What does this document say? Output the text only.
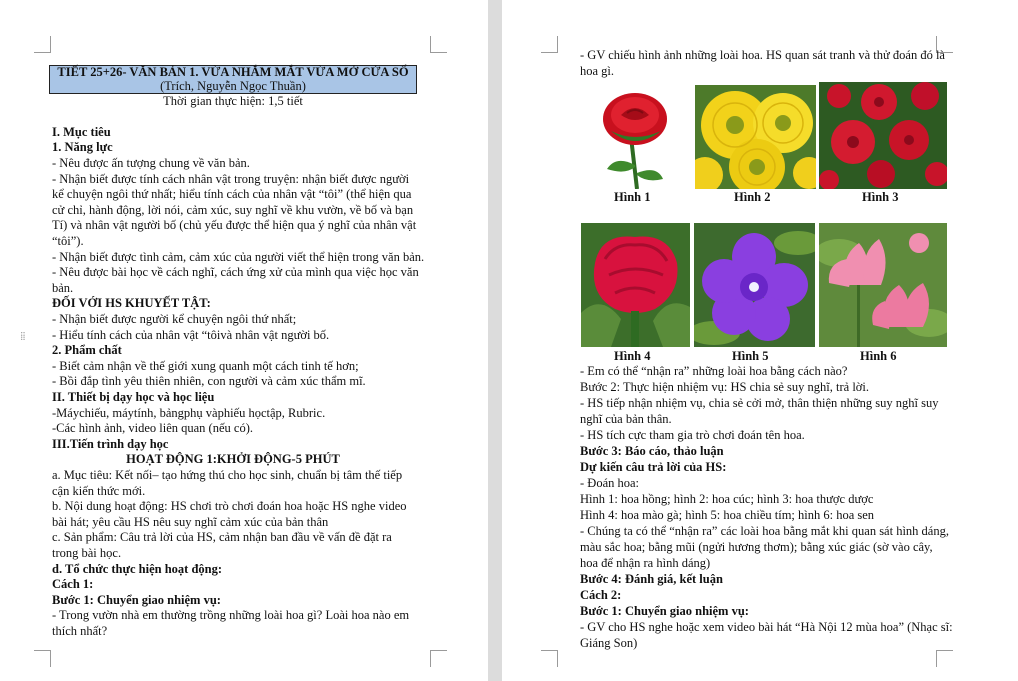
TIẾT 25+26- VĂN BẢN 1. VỪA NHẮM MẮT VỪA MỞ CỬA SỔ
(Trích, Nguyễn Ngọc Thuần)
Thời gian thực hiện: 1,5 tiết
⁞⁞
I. Mục tiêu
1. Năng lực
- Nêu được ấn tượng chung về văn bản.
- Nhận biết được tính cách nhân vật trong truyện: nhận biết được người
kể chuyện ngôi thứ nhất; hiểu tính cách của nhân vật “tôi” (thể hiện qua
cử chỉ, hành động, lời nói, cảm xúc, suy nghĩ về khu vườn, về bố và bạn
Tí) và nhân vật người bố (chủ yếu được thể hiện qua ý nghĩ của nhân vật
“tôi”).
- Nhận biết được tình cảm, cảm xúc của người viết thể hiện trong văn bản.
- Nêu được bài học về cách nghĩ, cách ứng xử của mình qua việc học văn
bản.
ĐỐI VỚI HS KHUYẾT TẬT:
- Nhận biết được người kể chuyện ngôi thứ nhất;
- Hiểu tính cách của nhân vật “tôivà nhân vật người bố.
2. Phẩm chất
- Biết cảm nhận về thế giới xung quanh một cách tinh tế hơn;
- Bồi đắp tình yêu thiên nhiên, con người và cảm xúc thẩm mĩ.
II. Thiết bị dạy học và học liệu
-Máychiếu, máytính, bảngphụ vàphiếu họctập, Rubric.
-Các hình ảnh, video liên quan (nếu có).
III.Tiến trình dạy học
HOẠT ĐỘNG 1:KHỞI ĐỘNG-5 PHÚT
a. Mục tiêu: Kết nối– tạo hứng thú cho học sinh, chuẩn bị tâm thế tiếp
cận kiến thức mới.
b. Nội dung hoạt động: HS chơi trò chơi đoán hoa hoặc HS nghe video
bài hát; yêu cầu HS nêu suy nghĩ cảm xúc của bản thân
c. Sản phẩm: Câu trả lời của HS, cảm nhận ban đầu về vấn đề đặt ra
trong bài học.
d. Tổ chức thực hiện hoạt động:
Cách 1:
Bước 1: Chuyển giao nhiệm vụ:
- Trong vườn nhà em thường trồng những loài hoa gì? Loài hoa nào em
thích nhất?
- GV chiếu hình ảnh những loài hoa. HS quan sát tranh và thử đoán đó là
hoa gì.
Hình 1	Hình 2	Hình 3
Hình 4	Hình 5	Hình 6
- Em có thể “nhận ra” những loài hoa bằng cách nào?
Bước 2: Thực hiện nhiệm vụ: HS chia sẻ suy nghĩ, trả lời.
- HS tiếp nhận nhiệm vụ, chia sẻ cởi mở, thân thiện những suy nghĩ suy
nghĩ của bản thân.
- HS tích cực tham gia trò chơi đoán tên hoa.
Bước 3: Báo cáo, thảo luận
Dự kiến câu trả lời của HS:
- Đoán hoa:
Hình 1: hoa hồng; hình 2: hoa cúc; hình 3: hoa thược dược
Hình 4: hoa mào gà; hình 5: hoa chiều tím; hình 6: hoa sen
- Chúng ta có thể “nhận ra” các loài hoa bằng mắt khi quan sát hình dáng,
màu sắc hoa; bằng mũi (ngửi hương thơm); bằng xúc giác (sờ vào cây,
hoa để nhận ra hình dáng)
Bước 4: Đánh giá, kết luận
Cách 2:
Bước 1: Chuyển giao nhiệm vụ:
- GV cho HS nghe hoặc xem video bài hát “Hà Nội 12 mùa hoa” (Nhạc sĩ:
Giáng Son)
